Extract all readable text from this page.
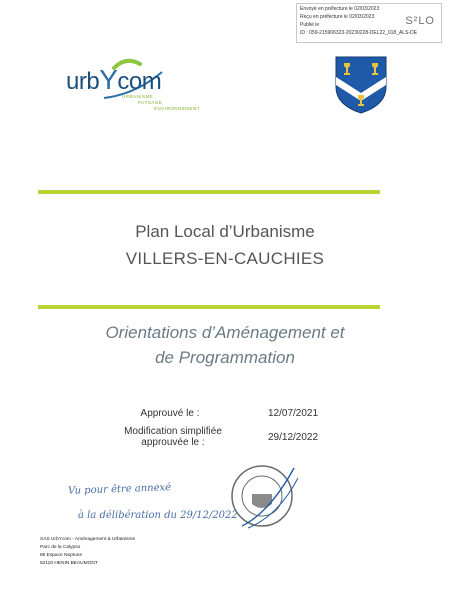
Envoyé en préfecture le 02/03/2023
Reçu en préfecture le 02/03/2023
Publié le
ID : 059-215906323-20230228-DEL22_018_ALS-DE
S²LO
urbYcom
URBANISME
PAYSAGE
ENVIRONNEMENT
Plan Local d’Urbanisme
VILLERS-EN-CAUCHIES
Orientations d’Aménagement et
de Programmation
Approuvé le :	12/07/2021
Modification simplifiée
approuvée le :	29/12/2022
Vu pour être annexé
à la délibération du 29/12/2022
SAS UrbYcom - Aménagement & Urbanisme
Parc de la Calypso
85 Espace Neptune
62110 HENIN BEAUMONT
